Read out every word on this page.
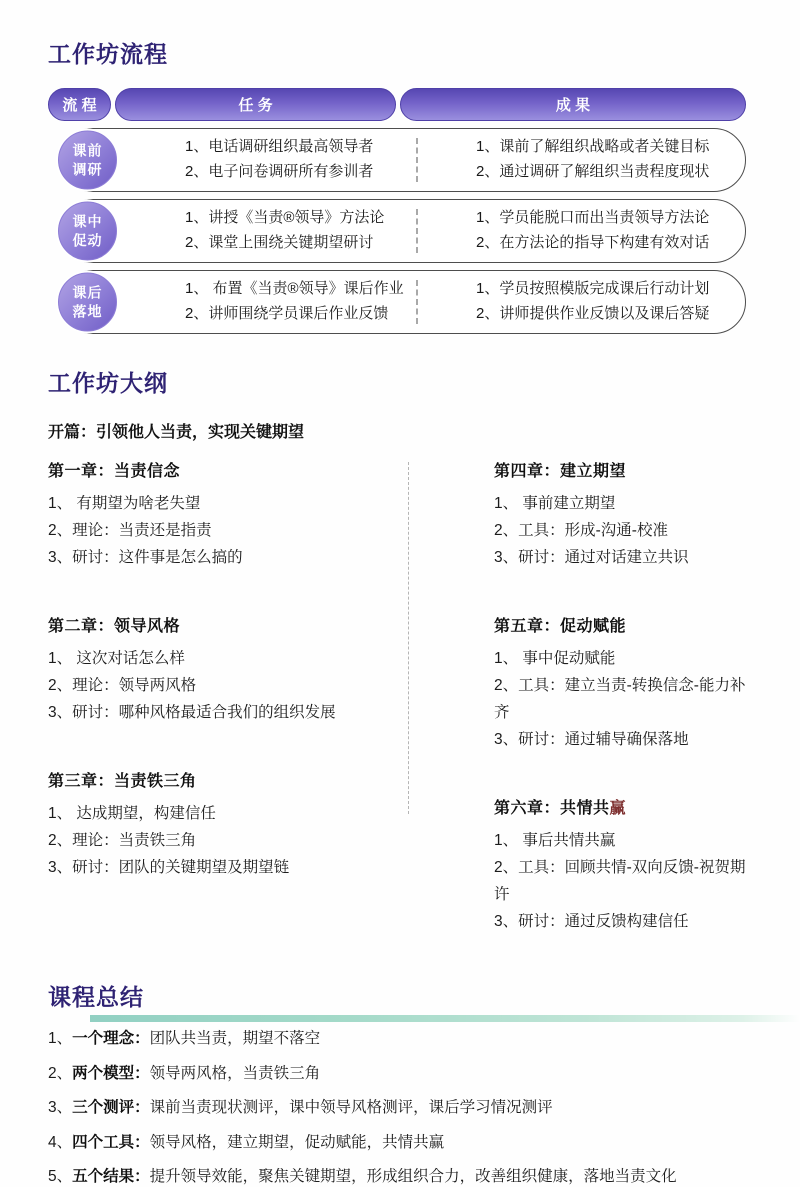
工作坊流程
流 程	任 务	成 果
课前
调研
1、电话调研组织最高领导者
2、电子问卷调研所有参训者
1、课前了解组织战略或者关键目标
2、通过调研了解组织当责程度现状
课中
促动
1、讲授《当责®领导》方法论
2、课堂上围绕关键期望研讨
1、学员能脱口而出当责领导方法论
2、在方法论的指导下构建有效对话
课后
落地
1、 布置《当责®领导》课后作业
2、讲师围绕学员课后作业反馈
1、学员按照模版完成课后行动计划
2、讲师提供作业反馈以及课后答疑
工作坊大纲

开篇：引领他人当责，实现关键期望

第一章：当责信念
1、 有期望为啥老失望
2、理论：当责还是指责
3、研讨：这件事是怎么搞的
第二章：领导风格
1、 这次对话怎么样
2、理论：领导两风格
3、研讨：哪种风格最适合我们的组织发展
第三章：当责铁三角
1、 达成期望，构建信任
2、理论：当责铁三角
3、研讨：团队的关键期望及期望链
第四章：建立期望
1、 事前建立期望
2、工具：形成-沟通-校准
3、研讨：通过对话建立共识
第五章：促动赋能
1、 事中促动赋能
2、工具：建立当责-转换信念-能力补齐
3、研讨：通过辅导确保落地
第六章：共情共赢
1、 事后共情共赢
2、工具：回顾共情-双向反馈-祝贺期许
3、研讨：通过反馈构建信任
课程总结
1、一个理念：团队共当责，期望不落空
2、两个模型：领导两风格，当责铁三角
3、三个测评：课前当责现状测评，课中领导风格测评，课后学习情况测评
4、四个工具：领导风格，建立期望，促动赋能，共情共赢
5、五个结果：提升领导效能，聚焦关键期望，形成组织合力，改善组织健康，落地当责文化
